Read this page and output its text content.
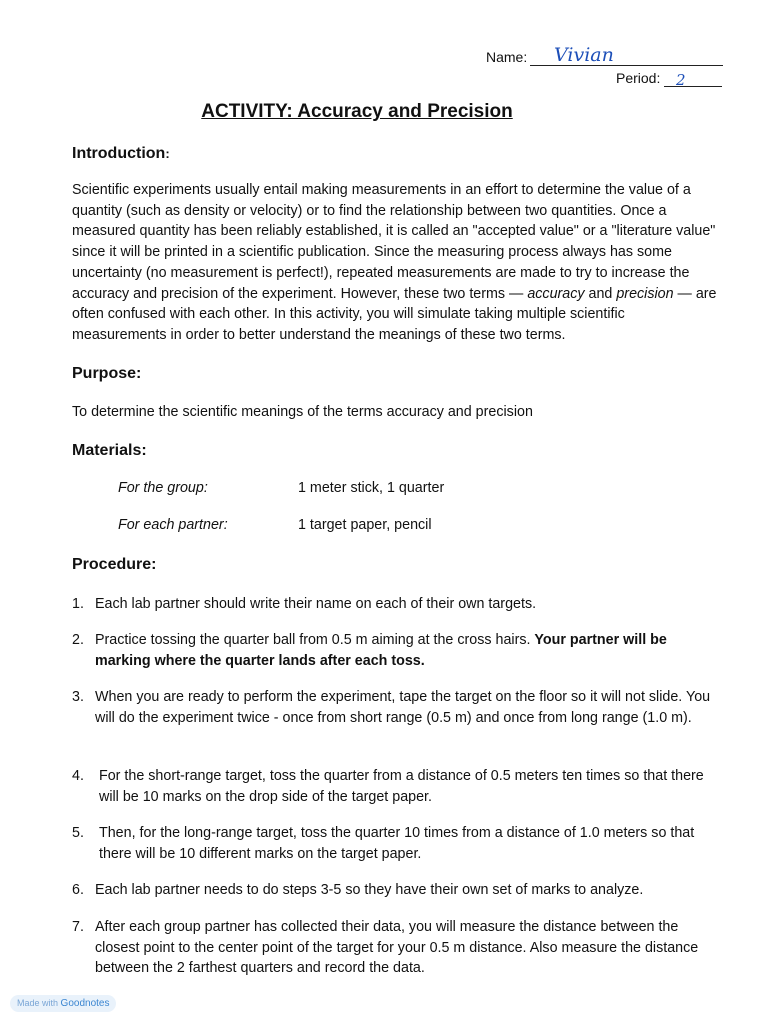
Name: Vivian
Period: 2
ACTIVITY: Accuracy and Precision
Introduction:

Scientific experiments usually entail making measurements in an effort to determine the value of a quantity (such as density or velocity) or to find the relationship between two quantities. Once a measured quantity has been reliably established, it is called an "accepted value" or a "literature value" since it will be printed in a scientific publication. Since the measuring process always has some uncertainty (no measurement is perfect!), repeated measurements are made to try to increase the accuracy and precision of the experiment. However, these two terms — accuracy and precision — are often confused with each other. In this activity, you will simulate taking multiple scientific measurements in order to better understand the meanings of these two terms.

Purpose:

To determine the scientific meanings of the terms accuracy and precision

Materials:
For the group:	1 meter stick, 1 quarter
For each partner:	1 target paper, pencil
Procedure:
1. Each lab partner should write their name on each of their own targets.
2. Practice tossing the quarter ball from 0.5 m aiming at the cross hairs. Your partner will be marking where the quarter lands after each toss.
3. When you are ready to perform the experiment, tape the target on the floor so it will not slide. You will do the experiment twice - once from short range (0.5 m) and once from long range (1.0 m).
4. For the short-range target, toss the quarter from a distance of 0.5 meters ten times so that there will be 10 marks on the drop side of the target paper.
5. Then, for the long-range target, toss the quarter 10 times from a distance of 1.0 meters so that there will be 10 different marks on the target paper.
6. Each lab partner needs to do steps 3-5 so they have their own set of marks to analyze.
7. After each group partner has collected their data, you will measure the distance between the closest point to the center point of the target for your 0.5 m distance. Also measure the distance between the 2 farthest quarters and record the data.
Made with Goodnotes
